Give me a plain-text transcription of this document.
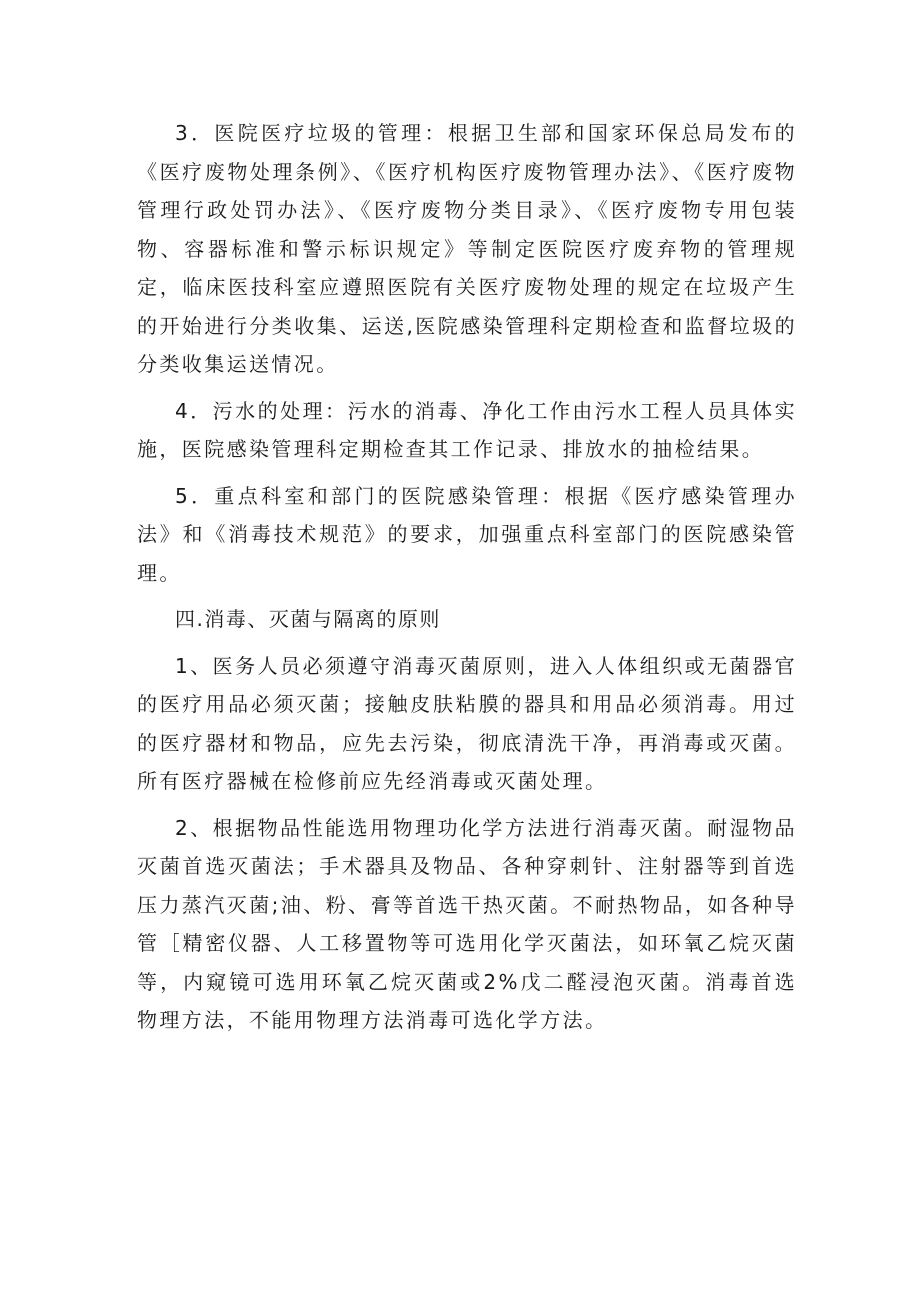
3．医院医疗垃圾的管理：根据卫生部和国家环保总局发布的《医疗废物处理条例》、《医疗机构医疗废物管理办法》、《医疗废物管理行政处罚办法》、《医疗废物分类目录》、《医疗废物专用包装物、容器标准和警示标识规定》等制定医院医疗废弃物的管理规定，临床医技科室应遵照医院有关医疗废物处理的规定在垃圾产生的开始进行分类收集、运送,医院感染管理科定期检查和监督垃圾的分类收集运送情况。

4．污水的处理：污水的消毒、净化工作由污水工程人员具体实施，医院感染管理科定期检查其工作记录、排放水的抽检结果。

5．重点科室和部门的医院感染管理：根据《医疗感染管理办法》和《消毒技术规范》的要求，加强重点科室部门的医院感染管理。

四.消毒、灭菌与隔离的原则

1、医务人员必须遵守消毒灭菌原则，进入人体组织或无菌器官的医疗用品必须灭菌；接触皮肤粘膜的器具和用品必须消毒。用过的医疗器材和物品，应先去污染，彻底清洗干净，再消毒或灭菌。所有医疗器械在检修前应先经消毒或灭菌处理。

2、根据物品性能选用物理功化学方法进行消毒灭菌。耐湿物品灭菌首选灭菌法；手术器具及物品、各种穿刺针、注射器等到首选压力蒸汽灭菌;油、粉、膏等首选干热灭菌。不耐热物品，如各种导管［精密仪器、人工移置物等可选用化学灭菌法，如环氧乙烷灭菌等，内窥镜可选用环氧乙烷灭菌或2%戊二醛浸泡灭菌。消毒首选物理方法，不能用物理方法消毒可选化学方法。
